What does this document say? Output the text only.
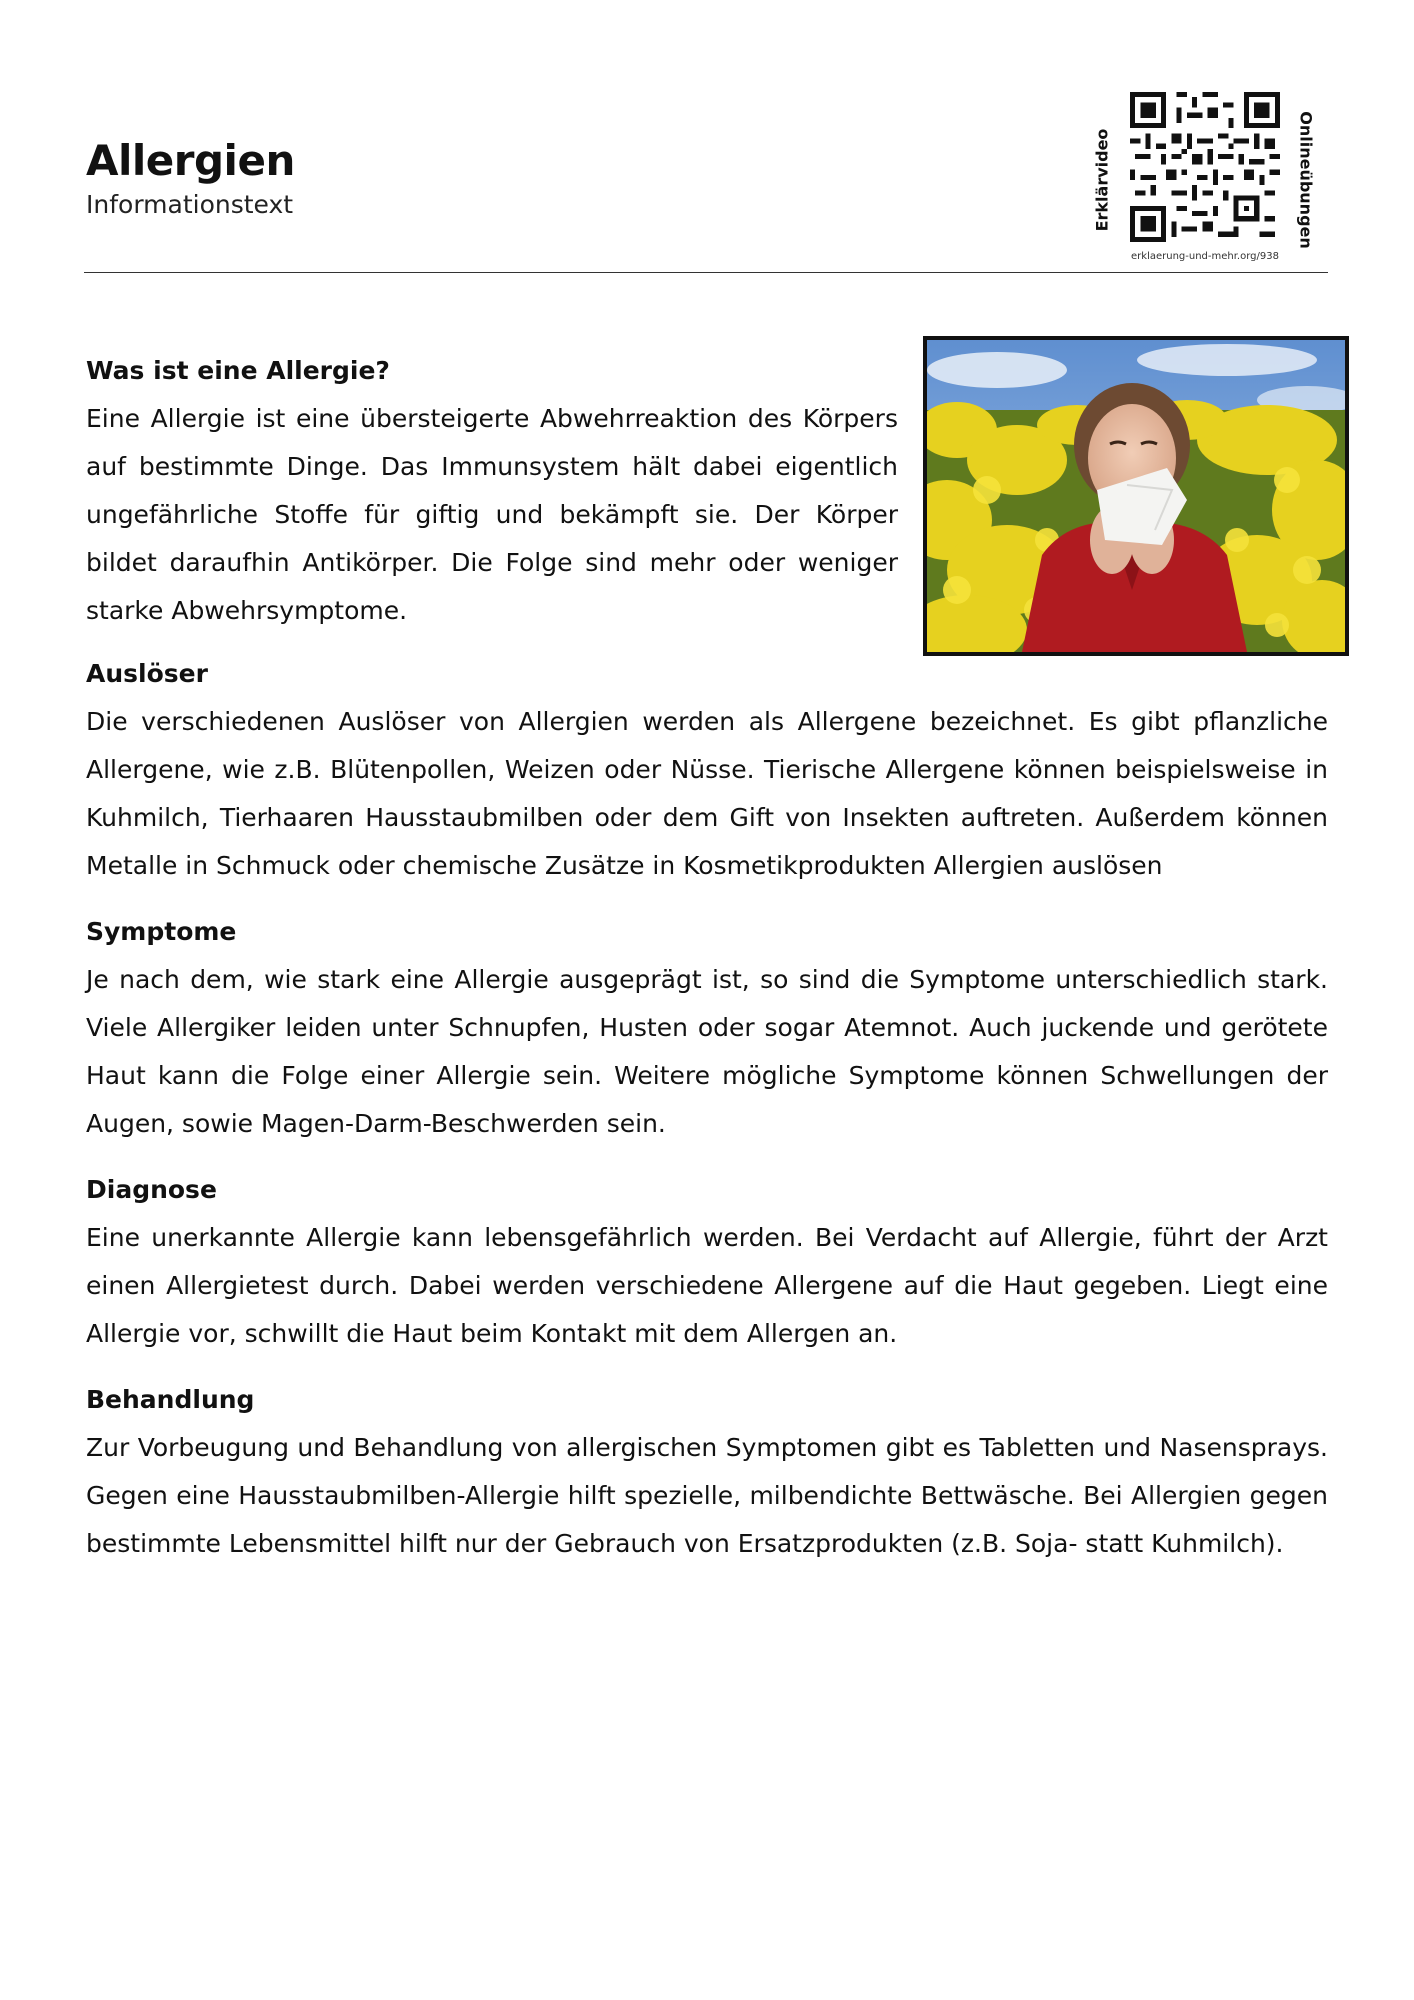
Allergien
Informationstext	Erklärvideo	Onlineübungen
erklaerung-und-mehr.org/938
Was ist eine Allergie?

Eine Allergie ist eine übersteigerte Abwehrreaktion des Körpers auf bestimmte Dinge. Das Immunsystem hält dabei eigentlich ungefährliche Stoffe für giftig und bekämpft sie. Der Körper bildet daraufhin Antikörper. Die Folge sind mehr oder weniger starke Abwehrsymptome.

Auslöser

Die verschiedenen Auslöser von Allergien werden als Allergene bezeichnet. Es gibt pflanzliche Allergene, wie z.B. Blütenpollen, Weizen oder Nüsse. Tierische Allergene können beispielsweise in Kuhmilch, Tierhaaren Hausstaubmilben oder dem Gift von Insekten auftreten. Außerdem können Metalle in Schmuck oder chemische Zusätze in Kosmetikprodukten Allergien auslösen

Symptome

Je nach dem, wie stark eine Allergie ausgeprägt ist, so sind die Symptome unterschiedlich stark. Viele Allergiker leiden unter Schnupfen, Husten oder sogar Atemnot. Auch juckende und gerötete Haut kann die Folge einer Allergie sein. Weitere mögliche Symptome können Schwellungen der Augen, sowie Magen-Darm-Beschwerden sein.

Diagnose

Eine unerkannte Allergie kann lebensgefährlich werden. Bei Verdacht auf Allergie, führt der Arzt einen Allergietest durch. Dabei werden verschiedene Allergene auf die Haut gegeben. Liegt eine Allergie vor, schwillt die Haut beim Kontakt mit dem Allergen an.

Behandlung

Zur Vorbeugung und Behandlung von allergischen Symptomen gibt es Tabletten und Nasensprays. Gegen eine Hausstaubmilben-Allergie hilft spezielle, milbendichte Bettwäsche. Bei Allergien gegen bestimmte Lebensmittel hilft nur der Gebrauch von Ersatzprodukten (z.B. Soja- statt Kuhmilch).
